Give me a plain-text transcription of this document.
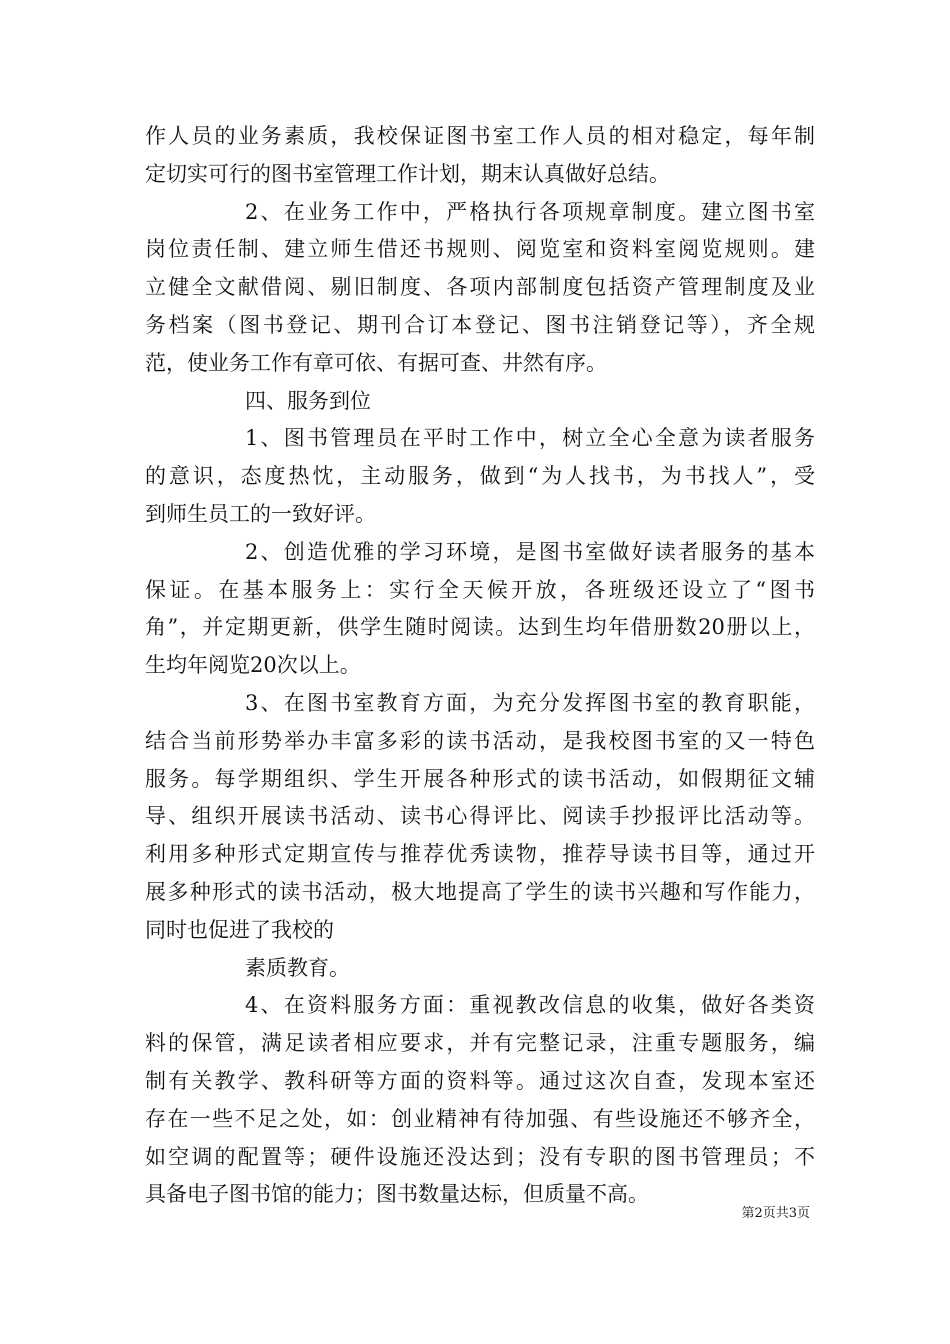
作人员的业务素质，我校保证图书室工作人员的相对稳定，每年制
定切实可行的图书室管理工作计划，期末认真做好总结。
2、在业务工作中，严格执行各项规章制度。建立图书室
岗位责任制、建立师生借还书规则、阅览室和资料室阅览规则。建
立健全文献借阅、剔旧制度、各项内部制度包括资产管理制度及业
务档案（图书登记、期刊合订本登记、图书注销登记等），齐全规
范，使业务工作有章可依、有据可查、井然有序。
四、服务到位
1、图书管理员在平时工作中，树立全心全意为读者服务
的意识，态度热忱，主动服务，做到“为人找书，为书找人”，受
到师生员工的一致好评。
2、创造优雅的学习环境，是图书室做好读者服务的基本
保证。在基本服务上：实行全天候开放，各班级还设立了“图书
角”，并定期更新，供学生随时阅读。达到生均年借册数20册以上，
生均年阅览20次以上。
3、在图书室教育方面，为充分发挥图书室的教育职能，
结合当前形势举办丰富多彩的读书活动，是我校图书室的又一特色
服务。每学期组织、学生开展各种形式的读书活动，如假期征文辅
导、组织开展读书活动、读书心得评比、阅读手抄报评比活动等。
利用多种形式定期宣传与推荐优秀读物，推荐导读书目等，通过开
展多种形式的读书活动，极大地提高了学生的读书兴趣和写作能力，
同时也促进了我校的
素质教育。
4、在资料服务方面：重视教改信息的收集，做好各类资
料的保管，满足读者相应要求，并有完整记录，注重专题服务，编
制有关教学、教科研等方面的资料等。通过这次自查，发现本室还
存在一些不足之处，如：创业精神有待加强、有些设施还不够齐全，
如空调的配置等；硬件设施还没达到；没有专职的图书管理员；不
具备电子图书馆的能力；图书数量达标，但质量不高。
第2页共3页
